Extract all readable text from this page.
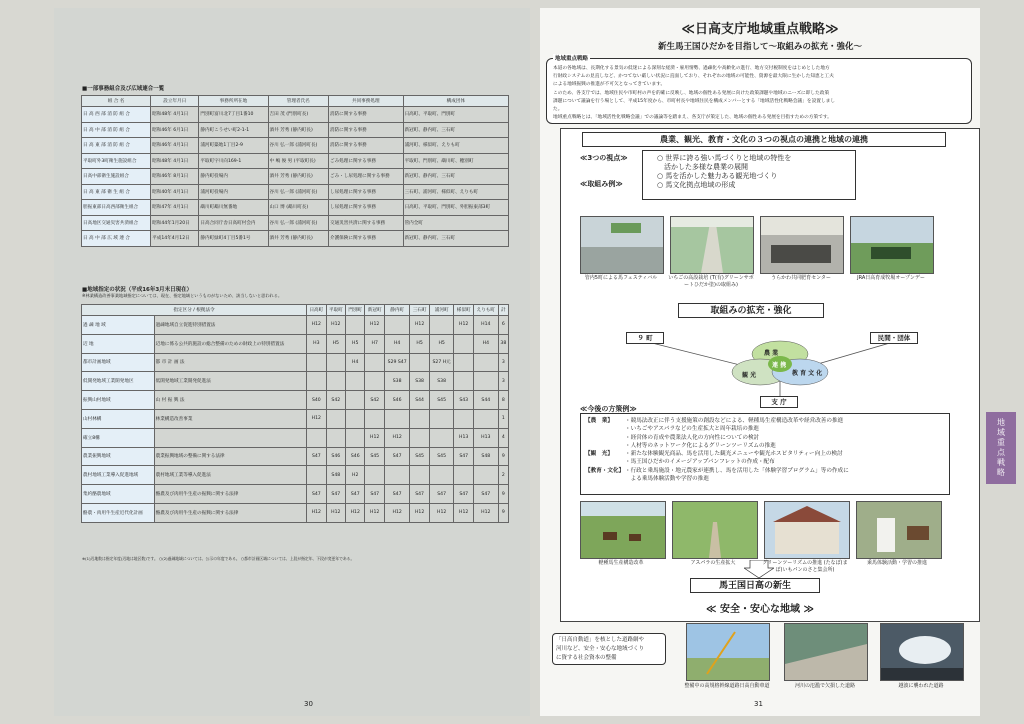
■一部事務組合及び広域連合一覧
組 合 名	設立年月日	事務所所在地	管理者氏名	共同事務処理	構成団体
日 高 西 部 消 防 組 合	昭和48年 4月1日	門別町富川北7丁目1番10	吉田 茂 (門別町長)	消防に関する事務	日高町、平取町、門別町
日 高 中 部 消 防 組 合	昭和46年 6月1日	静内町こうせい町2-1-1	酒井 芳秀 (静内町長)	消防に関する事務	新冠町、静内町、三石町
日 高 東 部 消 防 組 合	昭和46年 4月1日	浦河町築地1丁目2-9	谷川 弘一郎 (浦河町長)	消防に関する事務	浦河町、様似町、えりも町
平取町外3町衛生施設組合	昭和48年 4月1日	平取町字川向169-1	中 嶋 俊 男 (平取町長)	ごみ処理に関する事務	平取町、門別町、鵡川町、穂別町
日高中部衛生施設組合	昭和46年 8月1日	静内町役場内	酒井 芳秀 (静内町長)	ごみ・し尿処理に関する事務	新冠町、静内町、三石町
日 高 東 部 衛 生 組 合	昭和40年 4月1日	浦河町役場内	谷川 弘一郎 (浦河町長)	し尿処理に関する事務	三石町、浦河町、様似町、えりも町
胆振東部日高西部衛生組合	昭和47年 4月1日	鵡川町鵡川無番地	山口 博 (鵡川町長)	し尿処理に関する事務	日高町、平取町、門別町、外胆振東部3町
日高地区交通災害共済組合	昭和44年1月20日	日高合同庁舎日高町村会内	谷川 弘一郎 (浦河町長)	交通災害共済に関する事務	管内全町
日 高 中 部 広 域 連 合	平成14年4月12日	静内町緑町4丁目5番1号	酒井 芳秀 (静内町長)	介護保険に関する事務	新冠町、静内町、三石町
■地域指定の状況（平成16年3月末日現在）
※林業構造改善事業地域指定については、現在、指定地域というものがないため、該当しないと思われる。
指定区分 / 根拠法令		日高町	平取町	門別町	新冠町	静内町	三石町	浦河町	様似町	えりも町	計
過 疎 地 域	過疎地域自立促進特別措置法	H12	H12		H12		H12		H12	H14	6
辺 地	辺地に係る公共的施設の総合整備のための財政上の特別措置法	H3	H5	H5	H7	H4	H5	H5		H4	38
都市計画地域	都 市 計 画 法			H4		S29 S47		S27 H元			3
低開発地域工業開発地区	低開発地域工業開発促進法					S38	S38	S38			3
振興山村地域	山 村 振 興 法	S40	S42		S42	S46	S44	S45	S43	S44	8
山村林構	林業構造改善事業	H12									1
確立8構					H12	H12			H13	H13	4
農業振興地域	農業振興地域の整備に関する法律	S47	S46	S46	S45	S47	S45	S45	S47	S48	9
農村地域工業導入促進地域	農村地域工業等導入促進法		S48	H2							2
集約酪農地域	酪農及び肉用牛生産の振興に関する法律	S47	S47	S47	S47	S47	S47	S47	S47	S47	9
酪農・肉用牛生産近代化計画	酪農及び肉用牛生産の振興に関する法律	H12	H12	H12	H12	H12	H12	H12	H12	H12	9
※(1)辺地数は指定年度(辺地は地区数)です。 ○(2)過疎地域については、公示の年度である。 ○都市計画区域については、上段が指定年、下段が変更年である。
30
≪日高支庁地域重点戦略≫
新生馬王国ひだかを目指して～取組みの拡充・強化～
地域重点戦略
本道の各地域は、長期化する景気の低迷による深刻な経済・雇用情勢、過疎化や高齢化の進行、地方交付税制度をはじめとした地方
行財政システムの見直しなど、かつてない厳しい状況に直面しており、それぞれの地域の可能性、資源を最大限に生かした知恵と工夫
による地域振興の推進が不可欠となってきています。
このため、各支庁では、地域住民や市町村の声を的確に反映し、地域の個性ある発展に向けた政策課題や地域のニーズに即した政策
課題について議論を行う場として、平成15年度から、市町村長や地域住民を構成メンバーとする「地域活性化戦略会議」を設置しまし
た。
地域重点戦略とは、「地域活性化戦略会議」での議論等を踏まえ、各支庁が策定した、地域の個性ある発展を目指すための方策です。
農業、観光、教育・文化の３つの視点の連携と地域の連携
≪3つの視点≫
≪取組み例≫
○ 世界に誇る強い馬づくりと地域の特性を
　活かした多様な農業の展開
○ 馬を活かした魅力ある観光地づくり
○ 馬文化拠点地域の形成
取組みの拡充・強化
９ 町	民間・団体
支 庁
≪今後の方策例≫
【農　業】	・競馬法改正に伴う支援施策の創設などによる、軽種馬生産構造改革や経営改善の推進
・いちごやアスパラなどの生産拡大と周年栽培の推進
・経営体の育成や農業法人化の方向性についての検討
・人材等のネットワーク化によるグリーンツーリズムの推進
【観　光】	・新たな体験観光商品、馬を活用した観光メニューや観光ホスピタリティー向上の検討
・馬王国ひだかのイメージアップパンフレットの作成・配布
【教育・文化】 ・行政と乗馬施設・地元農家が連携し、馬を活用した「体験学習プログラム」等の作成に
　よる乗馬体験活動や学習の推進
馬王国日高の新生
≪ 安全・安心な地域 ≫
「日高自動道」を核とした道路網や
河川など、安全・安心な地域づくり
に資する社会資本の整備
31
管内5町による馬フェスティバル	いちごの高設栽培 (T(有)グリーンサポートひだか塗)の取組み)
うらかわ共同肥育センター	JRA日高育成牧場オープンデー
軽種馬生産構造改革	アスパラの生産拡大	グリーンツーリズムの推進 (たなぼ(まぼ)いもパンのさと集会所)
乗馬体験活動・学習の推進
整備中の高規格幹線道路日高自動車道	河川の氾濫で欠損した道路	越波に襲われた道路
農 業
観 光	教 育 文 化
連 携
地域重点戦略
